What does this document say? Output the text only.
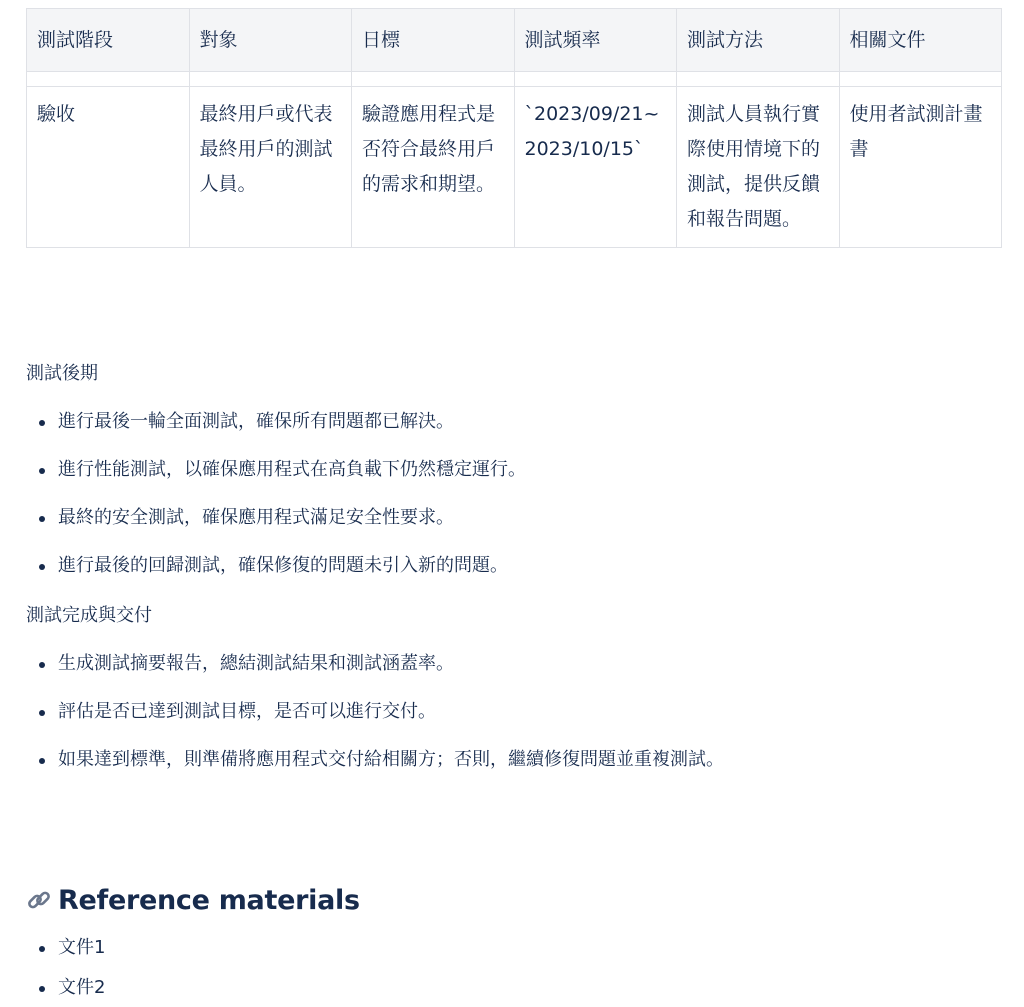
測試階段	對象	日標	測試頻率	測試方法	相關文件

驗收	最終用戶或代表最終用戶的測試人員。	驗證應用程式是否符合最終用戶的需求和期望。	`2023/09/21~2023/10/15`	測試人員執行實際使用情境下的測試，提供反饋和報告問題。	使用者試測計畫書

測試後期

進行最後一輪全面測試，確保所有問題都已解決。
進行性能測試，以確保應用程式在高負載下仍然穩定運行。
最終的安全測試，確保應用程式滿足安全性要求。
進行最後的回歸測試，確保修復的問題未引入新的問題。

測試完成與交付

生成測試摘要報告，總結測試結果和測試涵蓋率。
評估是否已達到測試目標，是否可以進行交付。
如果達到標準，則準備將應用程式交付給相關方；否則，繼續修復問題並重複測試。
Reference materials
文件1
文件2
